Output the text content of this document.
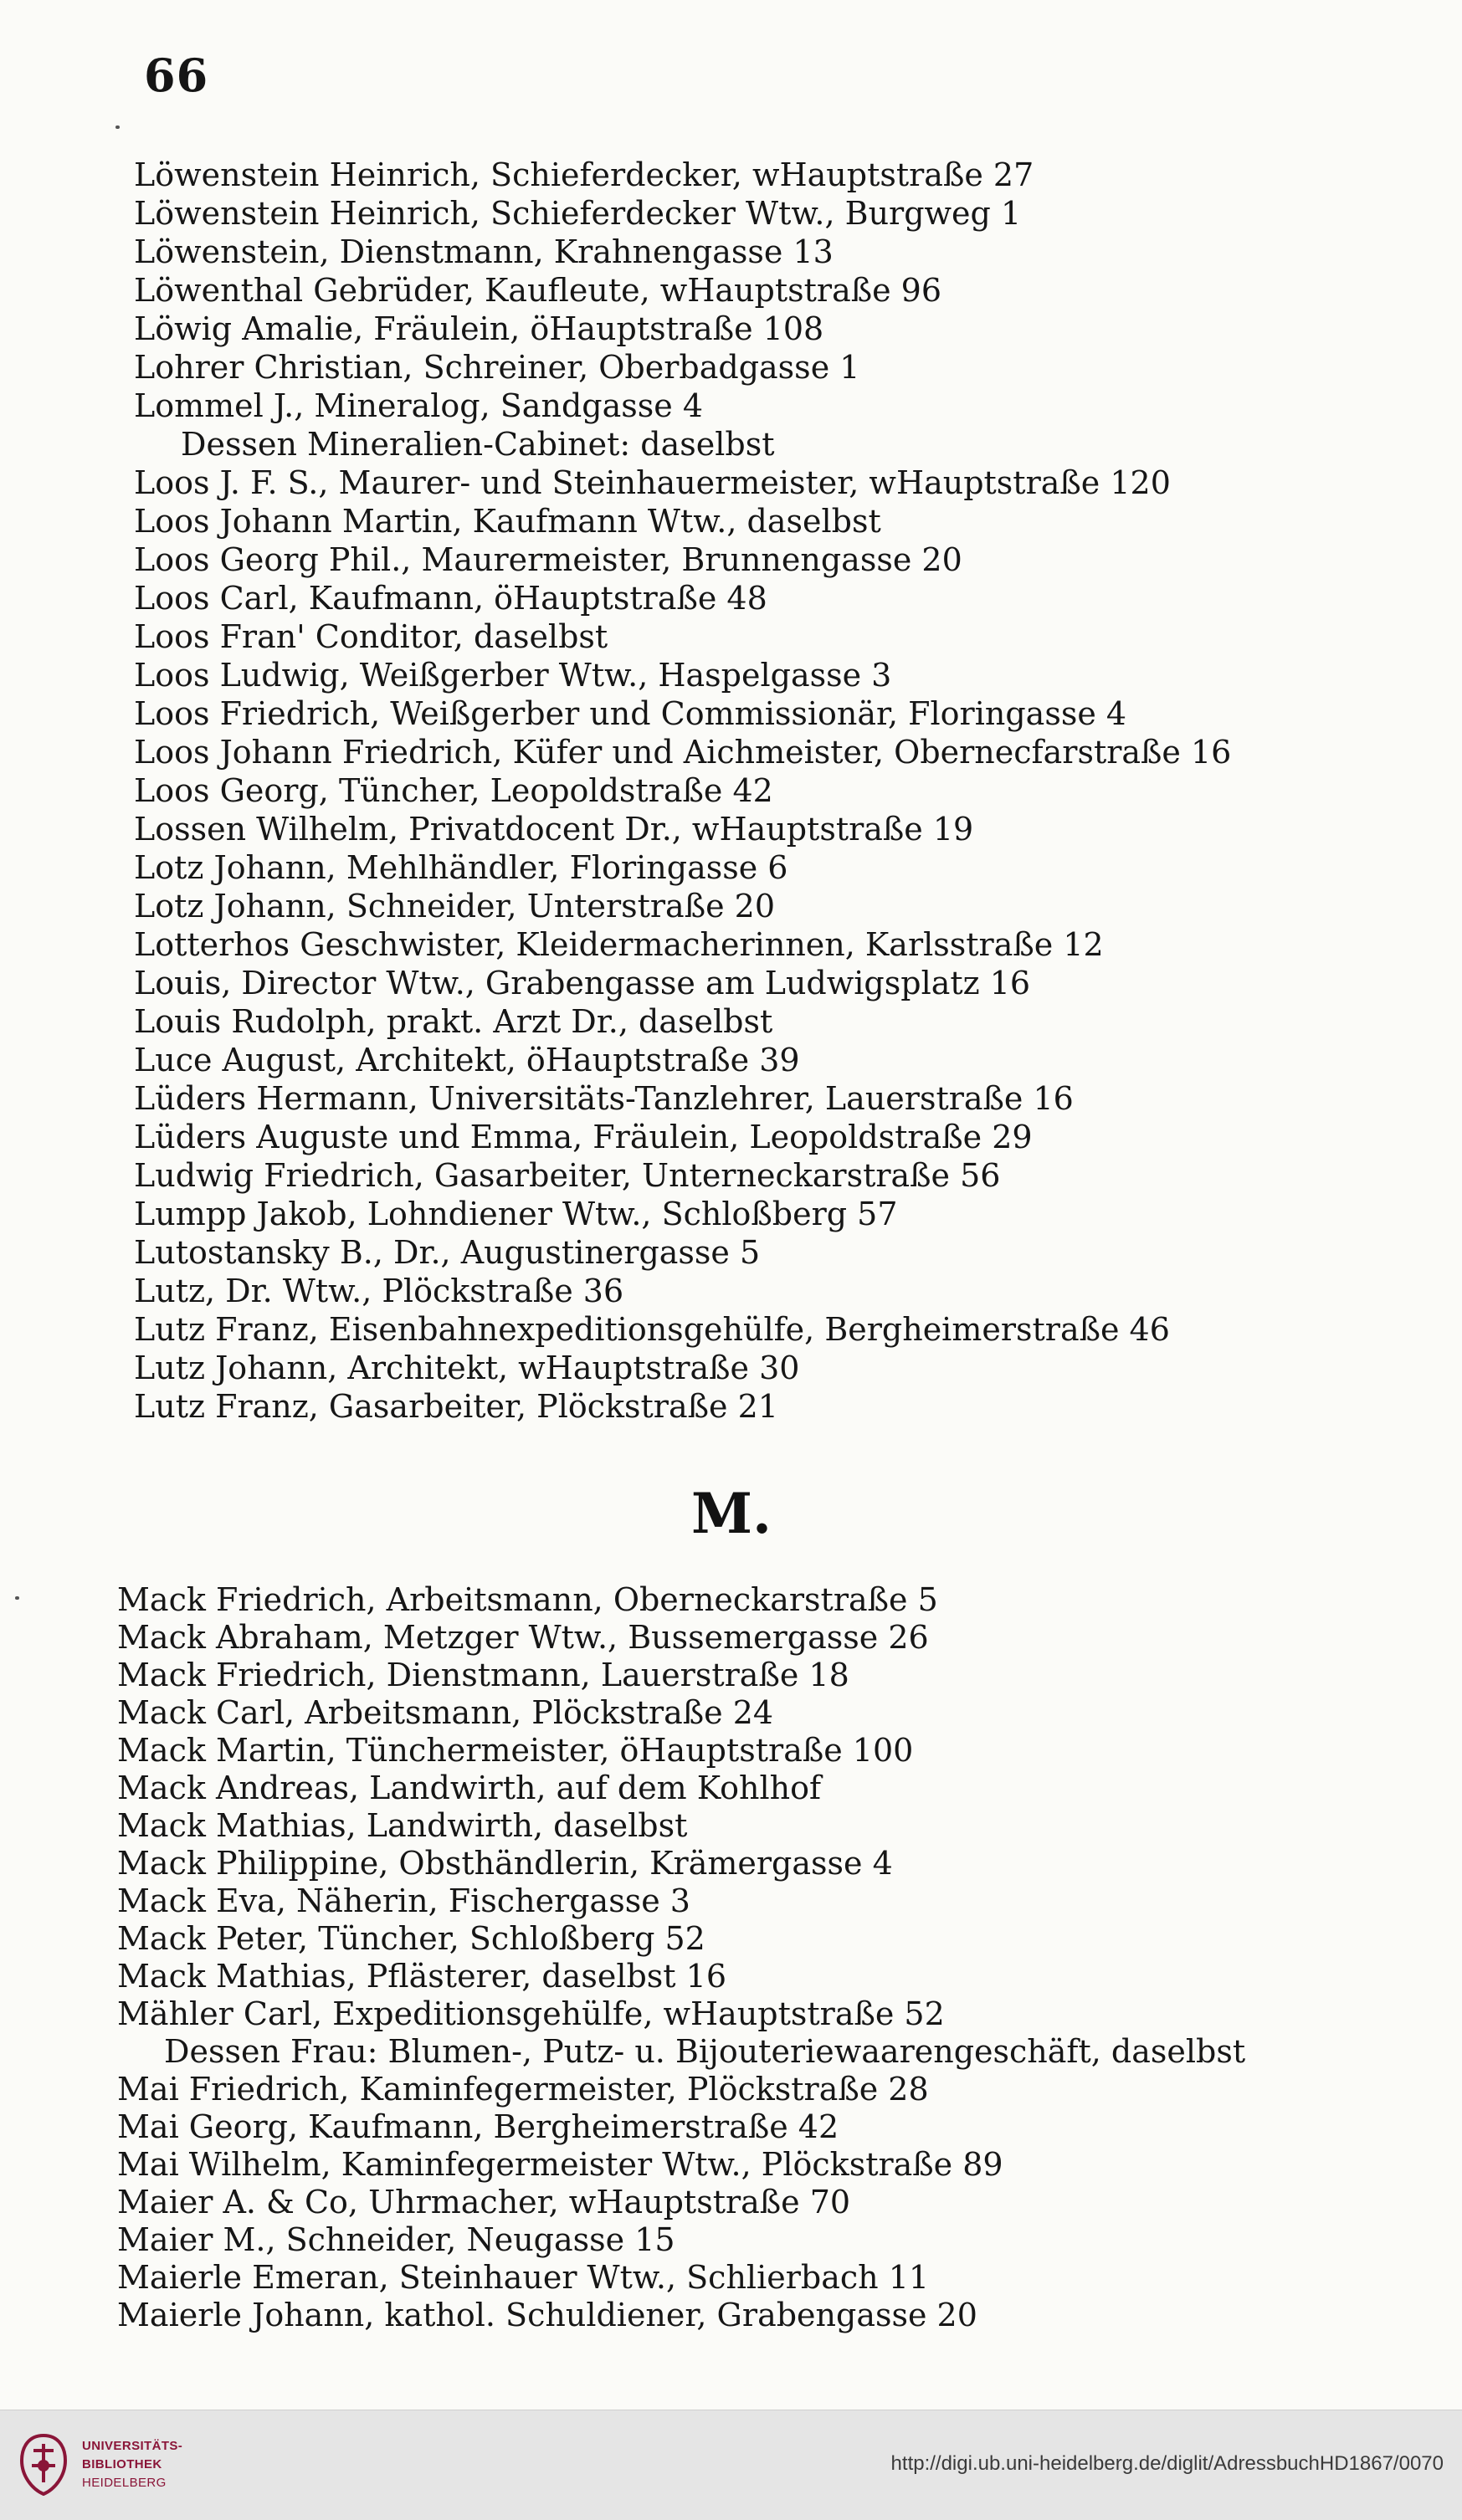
66
Löwenstein Heinrich, Schieferdecker, wHauptstraße 27
Löwenstein Heinrich, Schieferdecker Wtw., Burgweg 1
Löwenstein, Dienstmann, Krahnengasse 13
Löwenthal Gebrüder, Kaufleute, wHauptstraße 96
Löwig Amalie, Fräulein, öHauptstraße 108
Lohrer Christian, Schreiner, Oberbadgasse 1
Lommel J., Mineralog, Sandgasse 4
Dessen Mineralien-Cabinet: daselbst
Loos J. F. S., Maurer- und Steinhauermeister, wHauptstraße 120
Loos Johann Martin, Kaufmann Wtw., daselbst
Loos Georg Phil., Maurermeister, Brunnengasse 20
Loos Carl, Kaufmann, öHauptstraße 48
Loos Fran' Conditor, daselbst
Loos Ludwig, Weißgerber Wtw., Haspelgasse 3
Loos Friedrich, Weißgerber und Commissionär, Floringasse 4
Loos Johann Friedrich, Küfer und Aichmeister, Obernecfarstraße 16
Loos Georg, Tüncher, Leopoldstraße 42
Lossen Wilhelm, Privatdocent Dr., wHauptstraße 19
Lotz Johann, Mehlhändler, Floringasse 6
Lotz Johann, Schneider, Unterstraße 20
Lotterhos Geschwister, Kleidermacherinnen, Karlsstraße 12
Louis, Director Wtw., Grabengasse am Ludwigsplatz 16
Louis Rudolph, prakt. Arzt Dr., daselbst
Luce August, Architekt, öHauptstraße 39
Lüders Hermann, Universitäts-Tanzlehrer, Lauerstraße 16
Lüders Auguste und Emma, Fräulein, Leopoldstraße 29
Ludwig Friedrich, Gasarbeiter, Unterneckarstraße 56
Lumpp Jakob, Lohndiener Wtw., Schloßberg 57
Lutostansky B., Dr., Augustinergasse 5
Lutz, Dr. Wtw., Plöckstraße 36
Lutz Franz, Eisenbahnexpeditionsgehülfe, Bergheimerstraße 46
Lutz Johann, Architekt, wHauptstraße 30
Lutz Franz, Gasarbeiter, Plöckstraße 21
M.
Mack Friedrich, Arbeitsmann, Oberneckarstraße 5
Mack Abraham, Metzger Wtw., Bussemergasse 26
Mack Friedrich, Dienstmann, Lauerstraße 18
Mack Carl, Arbeitsmann, Plöckstraße 24
Mack Martin, Tünchermeister, öHauptstraße 100
Mack Andreas, Landwirth, auf dem Kohlhof
Mack Mathias, Landwirth, daselbst
Mack Philippine, Obsthändlerin, Krämergasse 4
Mack Eva, Näherin, Fischergasse 3
Mack Peter, Tüncher, Schloßberg 52
Mack Mathias, Pflästerer, daselbst 16
Mähler Carl, Expeditionsgehülfe, wHauptstraße 52
Dessen Frau: Blumen-, Putz- u. Bijouteriewaarengeschäft, daselbst
Mai Friedrich, Kaminfegermeister, Plöckstraße 28
Mai Georg, Kaufmann, Bergheimerstraße 42
Mai Wilhelm, Kaminfegermeister Wtw., Plöckstraße 89
Maier A. & Co, Uhrmacher, wHauptstraße 70
Maier M., Schneider, Neugasse 15
Maierle Emeran, Steinhauer Wtw., Schlierbach 11
Maierle Johann, kathol. Schuldiener, Grabengasse 20
UNIVERSITÄTS-
BIBLIOTHEK
HEIDELBERG
http://digi.ub.uni-heidelberg.de/diglit/AdressbuchHD1867/0070
